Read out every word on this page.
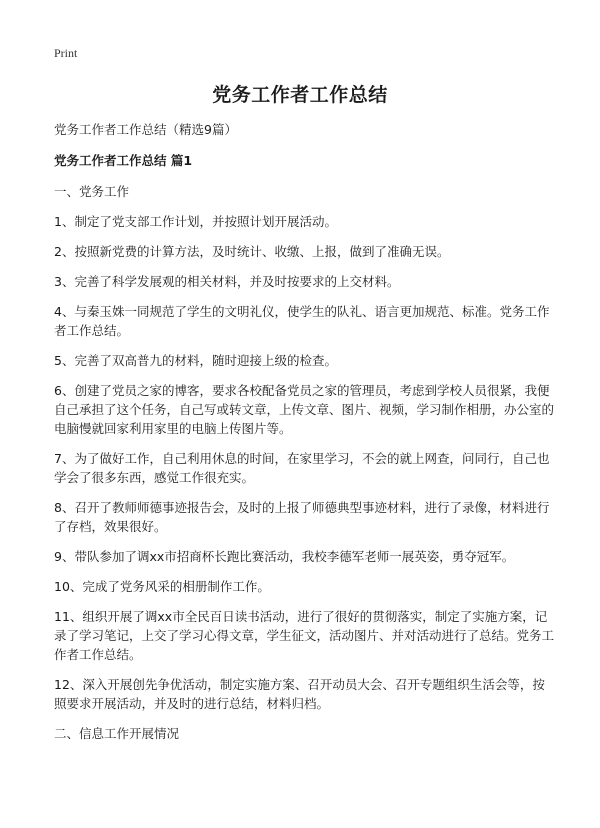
Print
党务工作者工作总结
党务工作者工作总结（精选9篇）
党务工作者工作总结 篇1
一、党务工作
1、制定了党支部工作计划，并按照计划开展活动。
2、按照新党费的计算方法，及时统计、收缴、上报，做到了准确无误。
3、完善了科学发展观的相关材料，并及时按要求的上交材料。
4、与秦玉姝一同规范了学生的文明礼仪，使学生的队礼、语言更加规范、标准。党务工作者工作总结。
5、完善了双高普九的材料，随时迎接上级的检查。
6、创建了党员之家的博客，要求各校配备党员之家的管理员，考虑到学校人员很紧，我便自己承担了这个任务，自己写或转文章，上传文章、图片、视频，学习制作相册，办公室的电脑慢就回家利用家里的电脑上传图片等。
7、为了做好工作，自己利用休息的时间，在家里学习，不会的就上网查，问同行，自己也学会了很多东西，感觉工作很充实。
8、召开了教师师德事迹报告会，及时的上报了师德典型事迹材料，进行了录像，材料进行了存档，效果很好。
9、带队参加了调xx市招商杯长跑比赛活动，我校李德军老师一展英姿，勇夺冠军。
10、完成了党务风采的相册制作工作。
11、组织开展了调xx市全民百日读书活动，进行了很好的贯彻落实，制定了实施方案，记录了学习笔记，上交了学习心得文章，学生征文，活动图片、并对活动进行了总结。党务工作者工作总结。
12、深入开展创先争优活动，制定实施方案、召开动员大会、召开专题组织生活会等，按照要求开展活动，并及时的进行总结，材料归档。
二、信息工作开展情况
